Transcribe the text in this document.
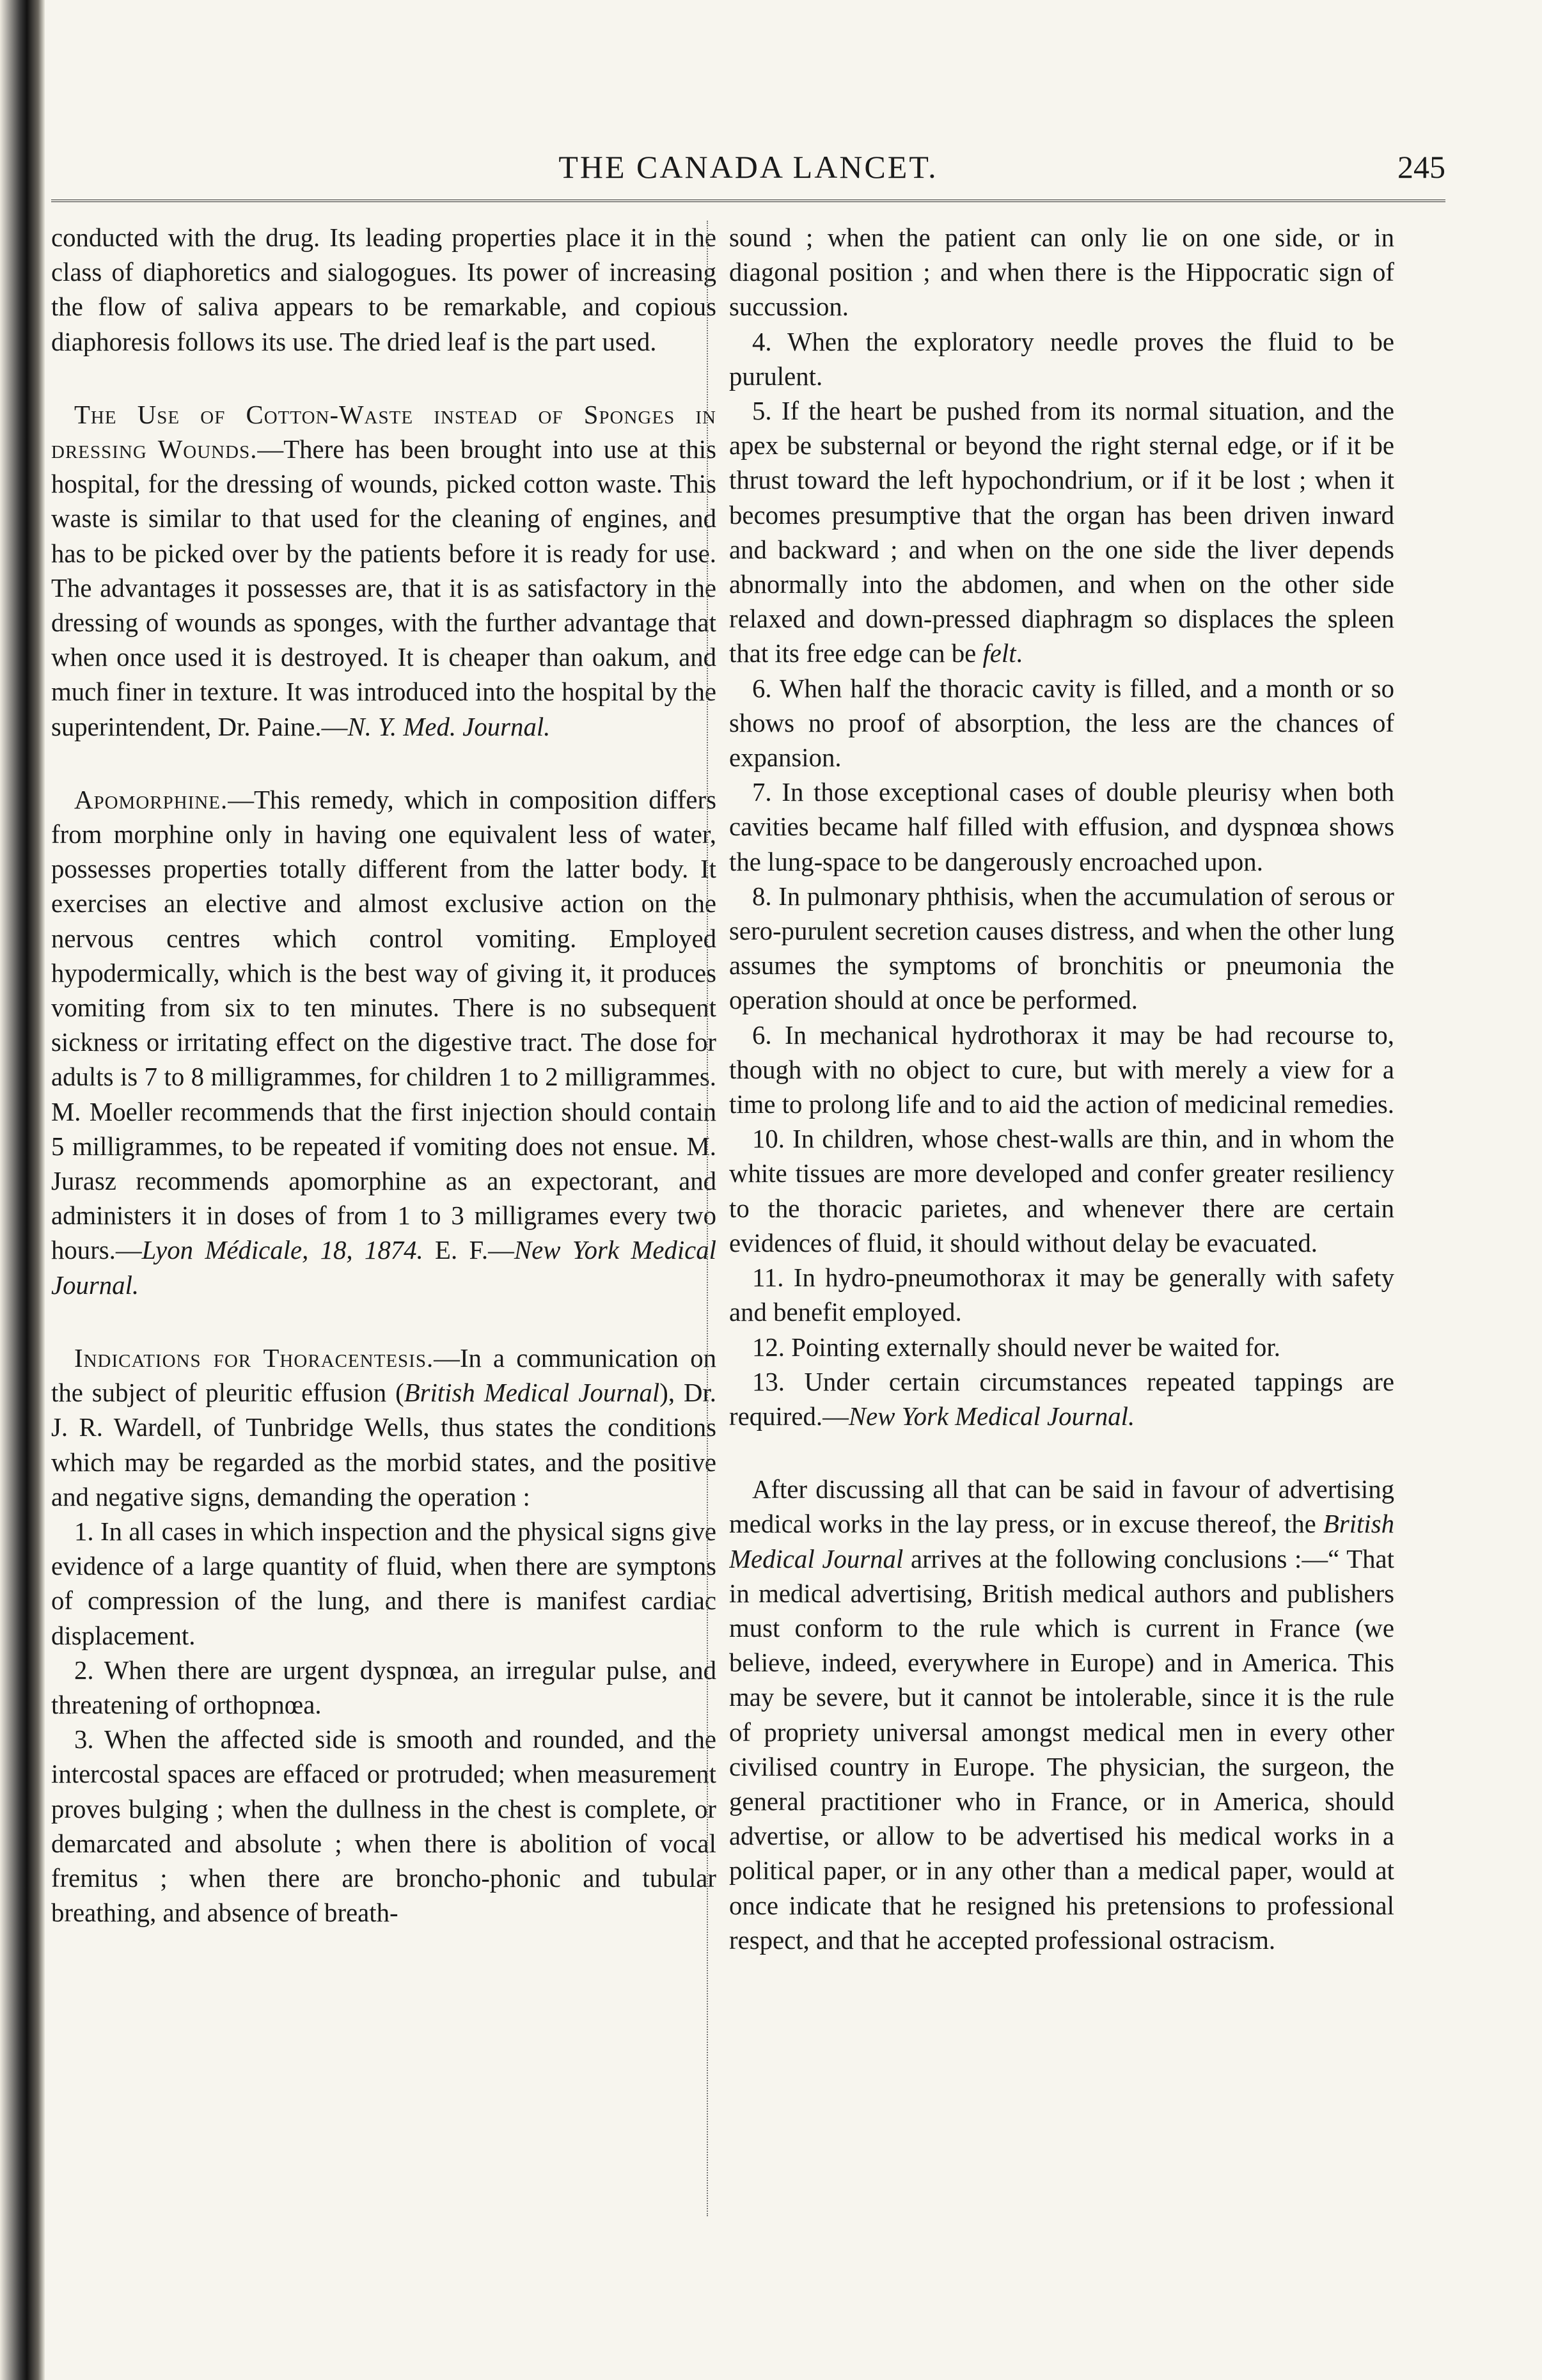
THE CANADA LANCET.	245

conducted with the drug. Its leading properties place it in the class of diaphoretics and sialogogues. Its power of increasing the flow of saliva appears to be remarkable, and copious diaphoresis follows its use. The dried leaf is the part used.

The Use of Cotton-Waste instead of Sponges in dressing Wounds.—There has been brought into use at this hospital, for the dressing of wounds, picked cotton waste. This waste is similar to that used for the cleaning of engines, and has to be picked over by the patients before it is ready for use. The advantages it possesses are, that it is as satisfactory in the dressing of wounds as sponges, with the further advantage that when once used it is destroyed. It is cheaper than oakum, and much finer in texture. It was introduced into the hospital by the superintendent, Dr. Paine.—N. Y. Med. Journal.

Apomorphine.—This remedy, which in composition differs from morphine only in having one equivalent less of water, possesses properties totally different from the latter body. It exercises an elective and almost exclusive action on the nervous centres which control vomiting. Employed hypodermically, which is the best way of giving it, it produces vomiting from six to ten minutes. There is no subsequent sickness or irritating effect on the digestive tract. The dose for adults is 7 to 8 milligrammes, for children 1 to 2 milligrammes. M. Moeller recommends that the first injection should contain 5 milligrammes, to be repeated if vomiting does not ensue. M. Jurasz recommends apomorphine as an expectorant, and administers it in doses of from 1 to 3 milligrames every two hours.—Lyon Médicale, 18, 1874. E. F.—New York Medical Journal.

Indications for Thoracentesis.—In a communication on the subject of pleuritic effusion (British Medical Journal), Dr. J. R. Wardell, of Tunbridge Wells, thus states the conditions which may be regarded as the morbid states, and the positive and negative signs, demanding the operation :

1. In all cases in which inspection and the physical signs give evidence of a large quantity of fluid, when there are symptons of compression of the lung, and there is manifest cardiac displacement.

2. When there are urgent dyspnœa, an irregular pulse, and threatening of orthopnœa.

3. When the affected side is smooth and rounded, and the intercostal spaces are effaced or protruded; when measurement proves bulging ; when the dullness in the chest is complete, or demarcated and absolute ; when there is abolition of vocal fremitus ; when there are broncho-phonic and tubular breathing, and absence of breath-

sound ; when the patient can only lie on one side, or in diagonal position ; and when there is the Hippocratic sign of succussion.

4. When the exploratory needle proves the fluid to be purulent.

5. If the heart be pushed from its normal situation, and the apex be substernal or beyond the right sternal edge, or if it be thrust toward the left hypochondrium, or if it be lost ; when it becomes presumptive that the organ has been driven inward and backward ; and when on the one side the liver depends abnormally into the abdomen, and when on the other side relaxed and down-pressed diaphragm so displaces the spleen that its free edge can be felt.

6. When half the thoracic cavity is filled, and a month or so shows no proof of absorption, the less are the chances of expansion.

7. In those exceptional cases of double pleurisy when both cavities became half filled with effusion, and dyspnœa shows the lung-space to be dangerously encroached upon.

8. In pulmonary phthisis, when the accumulation of serous or sero-purulent secretion causes distress, and when the other lung assumes the symptoms of bronchitis or pneumonia the operation should at once be performed.

6. In mechanical hydrothorax it may be had recourse to, though with no object to cure, but with merely a view for a time to prolong life and to aid the action of medicinal remedies.

10. In children, whose chest-walls are thin, and in whom the white tissues are more developed and confer greater resiliency to the thoracic parietes, and whenever there are certain evidences of fluid, it should without delay be evacuated.

11. In hydro-pneumothorax it may be generally with safety and benefit employed.

12. Pointing externally should never be waited for.

13. Under certain circumstances repeated tappings are required.—New York Medical Journal.

After discussing all that can be said in favour of advertising medical works in the lay press, or in excuse thereof, the British Medical Journal arrives at the following conclusions :—“ That in medical advertising, British medical authors and publishers must conform to the rule which is current in France (we believe, indeed, everywhere in Europe) and in America. This may be severe, but it cannot be intolerable, since it is the rule of propriety universal amongst medical men in every other civilised country in Europe. The physician, the surgeon, the general practitioner who in France, or in America, should advertise, or allow to be advertised his medical works in a political paper, or in any other than a medical paper, would at once indicate that he resigned his pretensions to professional respect, and that he accepted professional ostracism.
